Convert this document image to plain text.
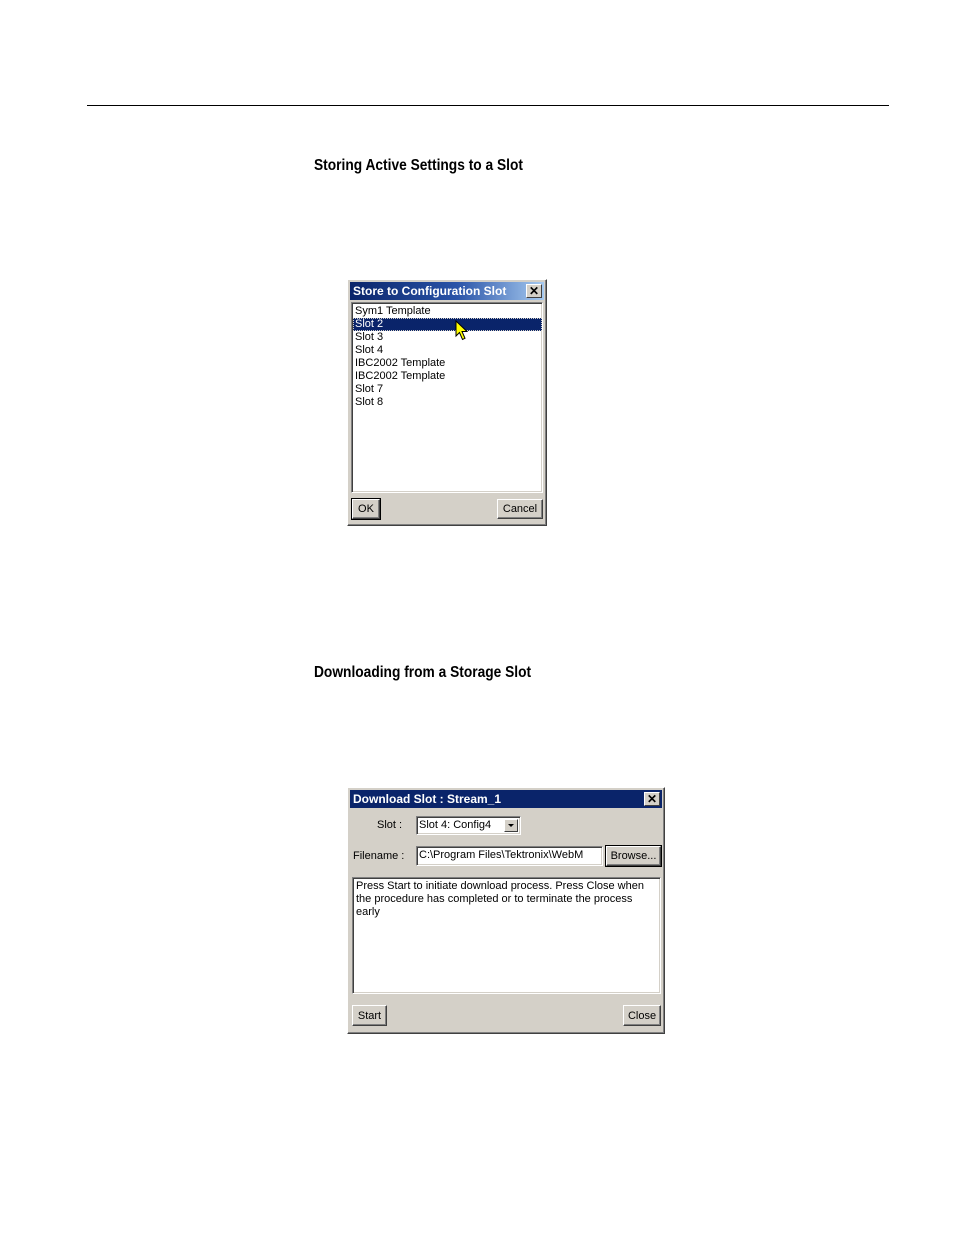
Storing Active Settings to a Slot
Store to Configuration Slot ✕
Sym1 Template
Slot 2
Slot 3
Slot 4
IBC2002 Template
IBC2002 Template
Slot 7
Slot 8
OK	Cancel
Downloading from a Storage Slot
Download Slot : Stream_1	✕
Slot : Slot 4: Config4
Filename : C:\Program Files\Tektronix\WebM	Browse...
Press Start to initiate download process. Press Close when the procedure has completed or to terminate the process early
Start	Close
